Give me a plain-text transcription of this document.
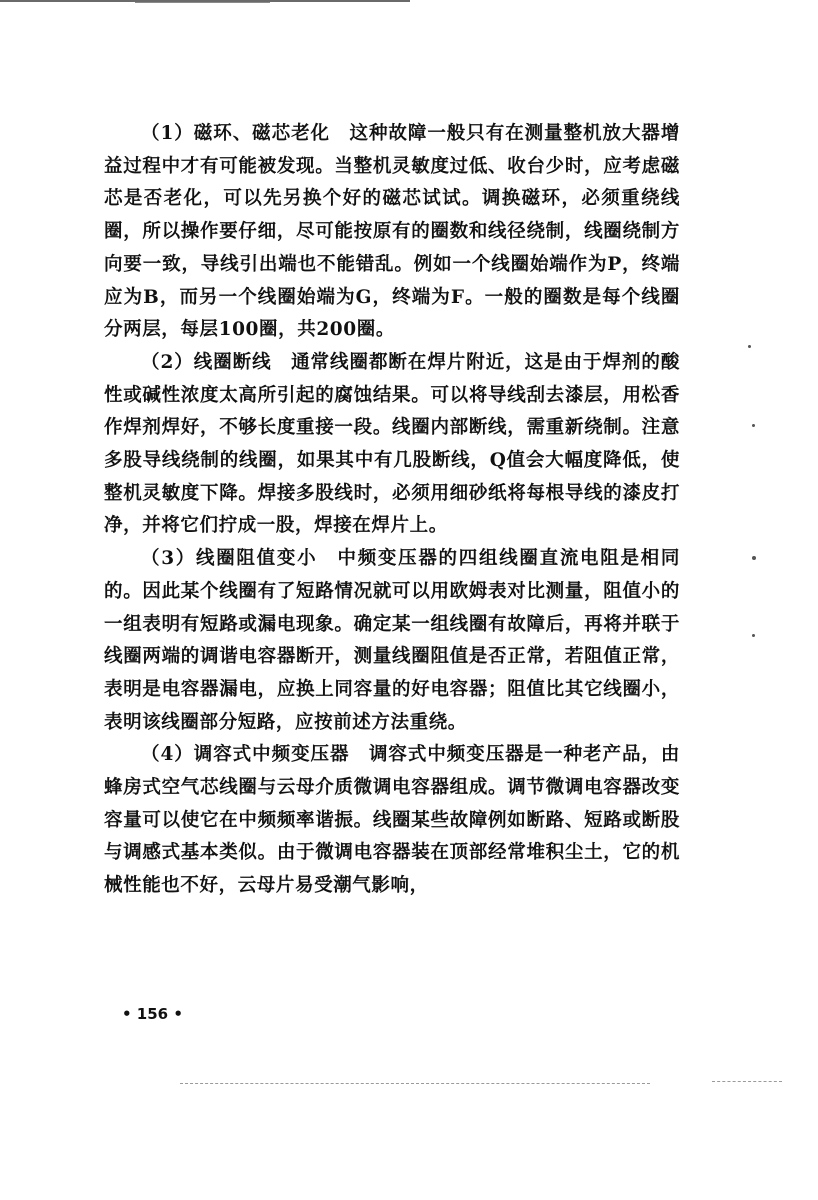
（1）磁环、磁芯老化　 这种故障一般只有在测量整机放大器增益过程中才有可能被发现。当整机灵敏度过低、收台少时，应考虑磁芯是否老化，可以先另换个好的磁芯试试。调换磁环，必须重绕线圈，所以操作要仔细，尽可能按原有的圈数和线径绕制，线圈绕制方向要一致，导线引出端也不能错乱。例如一个线圈始端作为P，终端应为B，而另一个线圈始端为G，终端为F。一般的圈数是每个线圈分两层，每层100圈，共200圈。

（2）线圈断线　 通常线圈都断在焊片附近，这是由于焊剂的酸性或碱性浓度太高所引起的腐蚀结果。可以将导线刮去漆层，用松香作焊剂焊好，不够长度重接一段。线圈内部断线，需重新绕制。注意多股导线绕制的线圈，如果其中有几股断线，Q值会大幅度降低，使整机灵敏度下降。焊接多股线时，必须用细砂纸将每根导线的漆皮打净，并将它们拧成一股，焊接在焊片上。

（3）线圈阻值变小　 中频变压器的四组线圈直流电阻是相同的。因此某个线圈有了短路情况就可以用欧姆表对比测量，阻值小的一组表明有短路或漏电现象。确定某一组线圈有故障后，再将并联于线圈两端的调谐电容器断开，测量线圈阻值是否正常，若阻值正常，表明是电容器漏电，应换上同容量的好电容器；阻值比其它线圈小，表明该线圈部分短路，应按前述方法重绕。

（4）调容式中频变压器　 调容式中频变压器是一种老产品，由蜂房式空气芯线圈与云母介质微调电容器组成。调节微调电容器改变容量可以使它在中频频率谐振。线圈某些故障例如断路、短路或断股与调感式基本类似。由于微调电容器装在顶部经常堆积尘土，它的机械性能也不好，云母片易受潮气影响，

• 156 •
